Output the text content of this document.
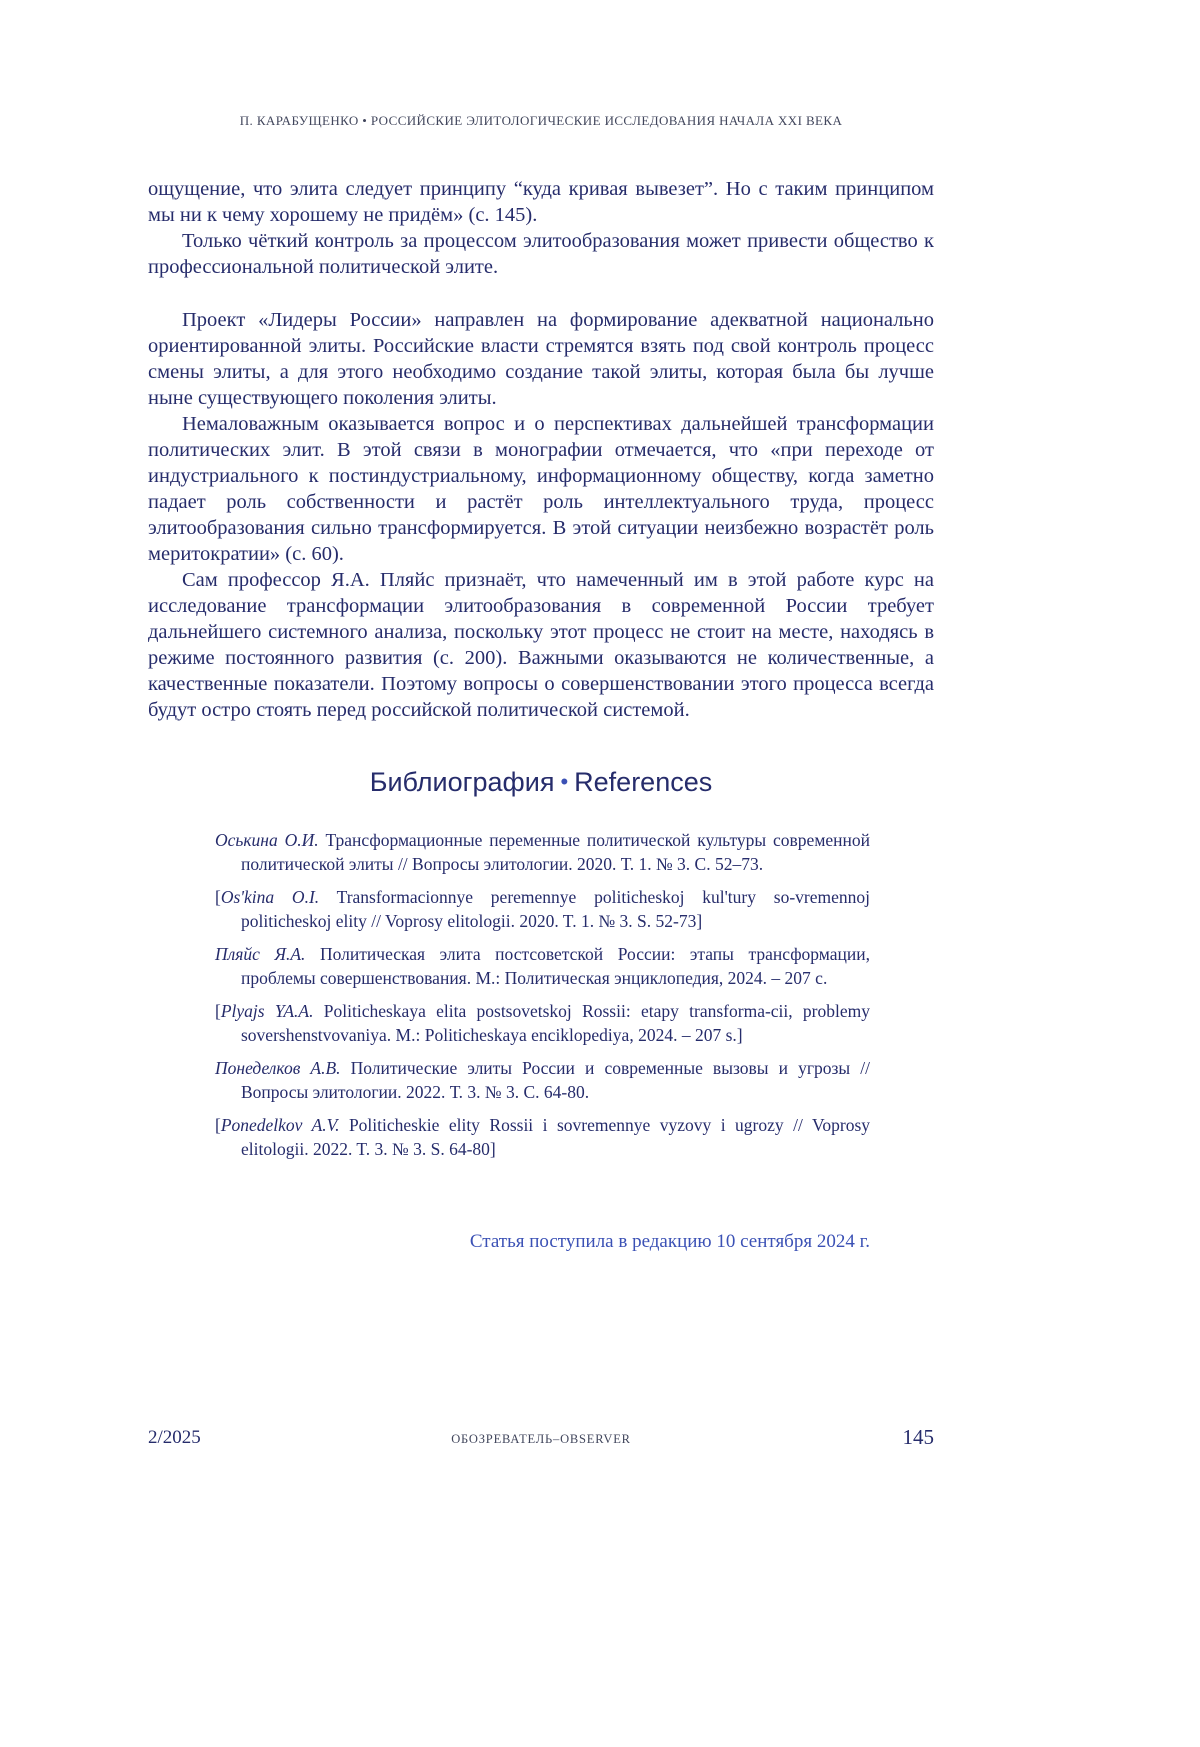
П. КАРАБУЩЕНКО • РОССИЙСКИЕ ЭЛИТОЛОГИЧЕСКИЕ ИССЛЕДОВАНИЯ НАЧАЛА XXI ВЕКА

ощущение, что элита следует принципу “куда кривая вывезет”. Но с таким принципом мы ни к чему хорошему не придём» (с. 145).

Только чёткий контроль за процессом элитообразования может привести общество к профессиональной политической элите.

Проект «Лидеры России» направлен на формирование адекватной национально ориентированной элиты. Российские власти стремятся взять под свой контроль процесс смены элиты, а для этого необходимо создание такой элиты, которая была бы лучше ныне существующего поколения элиты.

Немаловажным оказывается вопрос и о перспективах дальнейшей трансформации политических элит. В этой связи в монографии отмечается, что «при переходе от индустриального к постиндустриальному, информационному обществу, когда заметно падает роль собственности и растёт роль интеллектуального труда, процесс элитообразования сильно трансформируется. В этой ситуации неизбежно возрастёт роль меритократии» (с. 60).

Сам профессор Я.А. Пляйс признаёт, что намеченный им в этой работе курс на исследование трансформации элитообразования в современной России требует дальнейшего системного анализа, поскольку этот процесс не стоит на месте, находясь в режиме постоянного развития (с. 200). Важными оказываются не количественные, а качественные показатели. Поэтому вопросы о совершенствовании этого процесса всегда будут остро стоять перед российской политической системой.

Библиография • References

Оськина О.И. Трансформационные переменные политической культуры современной политической элиты // Вопросы элитологии. 2020. Т. 1. № 3. С. 52–73.

[Os'kina O.I. Transformacionnye peremennye politicheskoj kul'tury so-vremennoj politicheskoj elity // Voprosy elitologii. 2020. T. 1. № 3. S. 52-73]

Пляйс Я.А. Политическая элита постсоветской России: этапы трансформации, проблемы совершенствования. М.: Политическая энциклопедия, 2024. – 207 с.

[Plyajs YA.A. Politicheskaya elita postsovetskoj Rossii: etapy transforma-cii, problemy sovershenstvovaniya. M.: Politicheskaya enciklopediya, 2024. – 207 s.]

Понеделков А.В. Политические элиты России и современные вызовы и угрозы // Вопросы элитологии. 2022. Т. 3. № 3. С. 64-80.

[Ponedelkov A.V. Politicheskie elity Rossii i sovremennye vyzovy i ugrozy // Voprosy elitologii. 2022. T. 3. № 3. S. 64-80]

Статья поступила в редакцию 10 сентября 2024 г.

2/2025	ОБОЗРЕВАТЕЛЬ–OBSERVER	145
